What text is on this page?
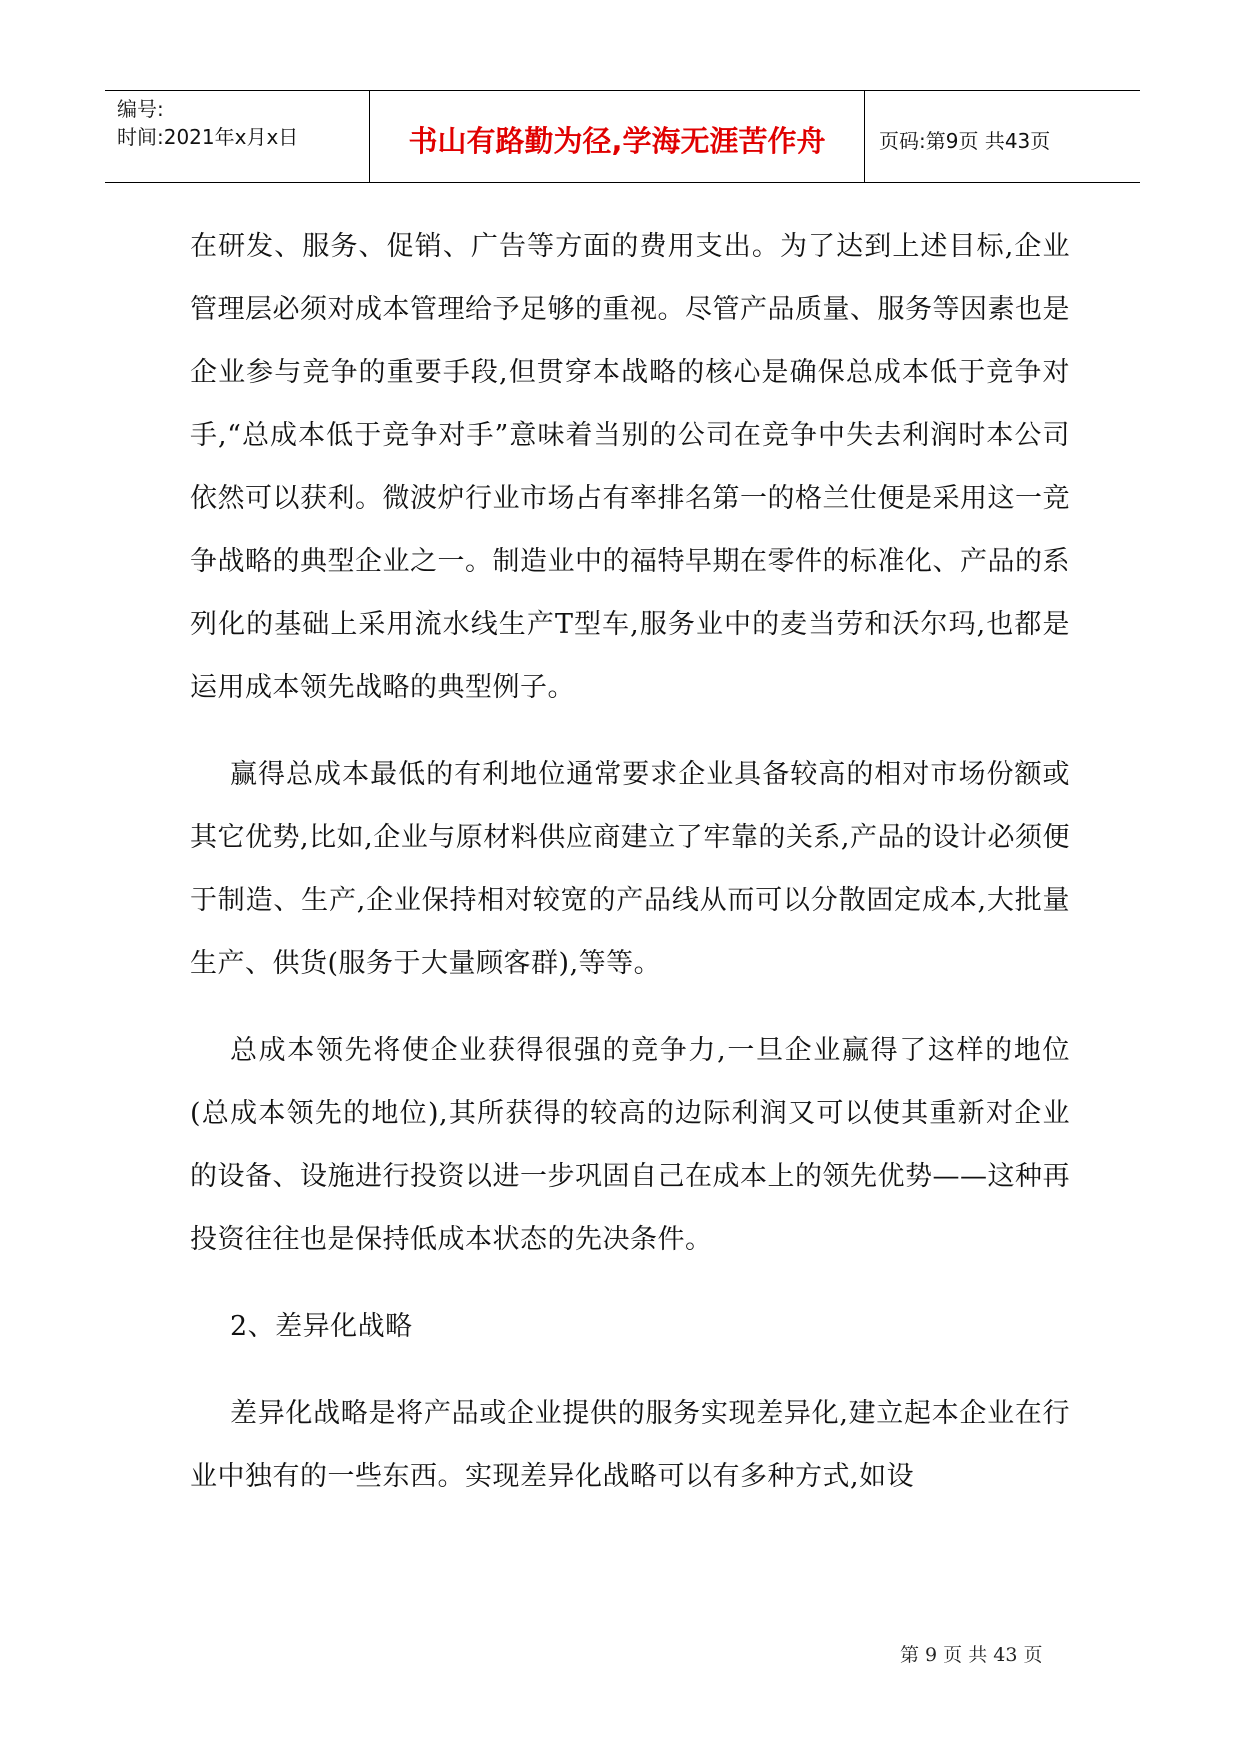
编号:
时间:2021年x月x日	书山有路勤为径,学海无涯苦作舟	页码:第9页 共43页

在研发、服务、促销、广告等方面的费用支出。为了达到上述目标,企业管理层必须对成本管理给予足够的重视。尽管产品质量、服务等因素也是企业参与竞争的重要手段,但贯穿本战略的核心是确保总成本低于竞争对手,“总成本低于竞争对手”意味着当别的公司在竞争中失去利润时本公司依然可以获利。微波炉行业市场占有率排名第一的格兰仕便是采用这一竞争战略的典型企业之一。制造业中的福特早期在零件的标准化、产品的系列化的基础上采用流水线生产T型车,服务业中的麦当劳和沃尔玛,也都是运用成本领先战略的典型例子。

赢得总成本最低的有利地位通常要求企业具备较高的相对市场份额或其它优势,比如,企业与原材料供应商建立了牢靠的关系,产品的设计必须便于制造、生产,企业保持相对较宽的产品线从而可以分散固定成本,大批量生产、供货(服务于大量顾客群),等等。

总成本领先将使企业获得很强的竞争力,一旦企业赢得了这样的地位(总成本领先的地位),其所获得的较高的边际利润又可以使其重新对企业的设备、设施进行投资以进一步巩固自己在成本上的领先优势——这种再投资往往也是保持低成本状态的先决条件。

2、差异化战略

差异化战略是将产品或企业提供的服务实现差异化,建立起本企业在行业中独有的一些东西。实现差异化战略可以有多种方式,如设

第 9 页 共 43 页
